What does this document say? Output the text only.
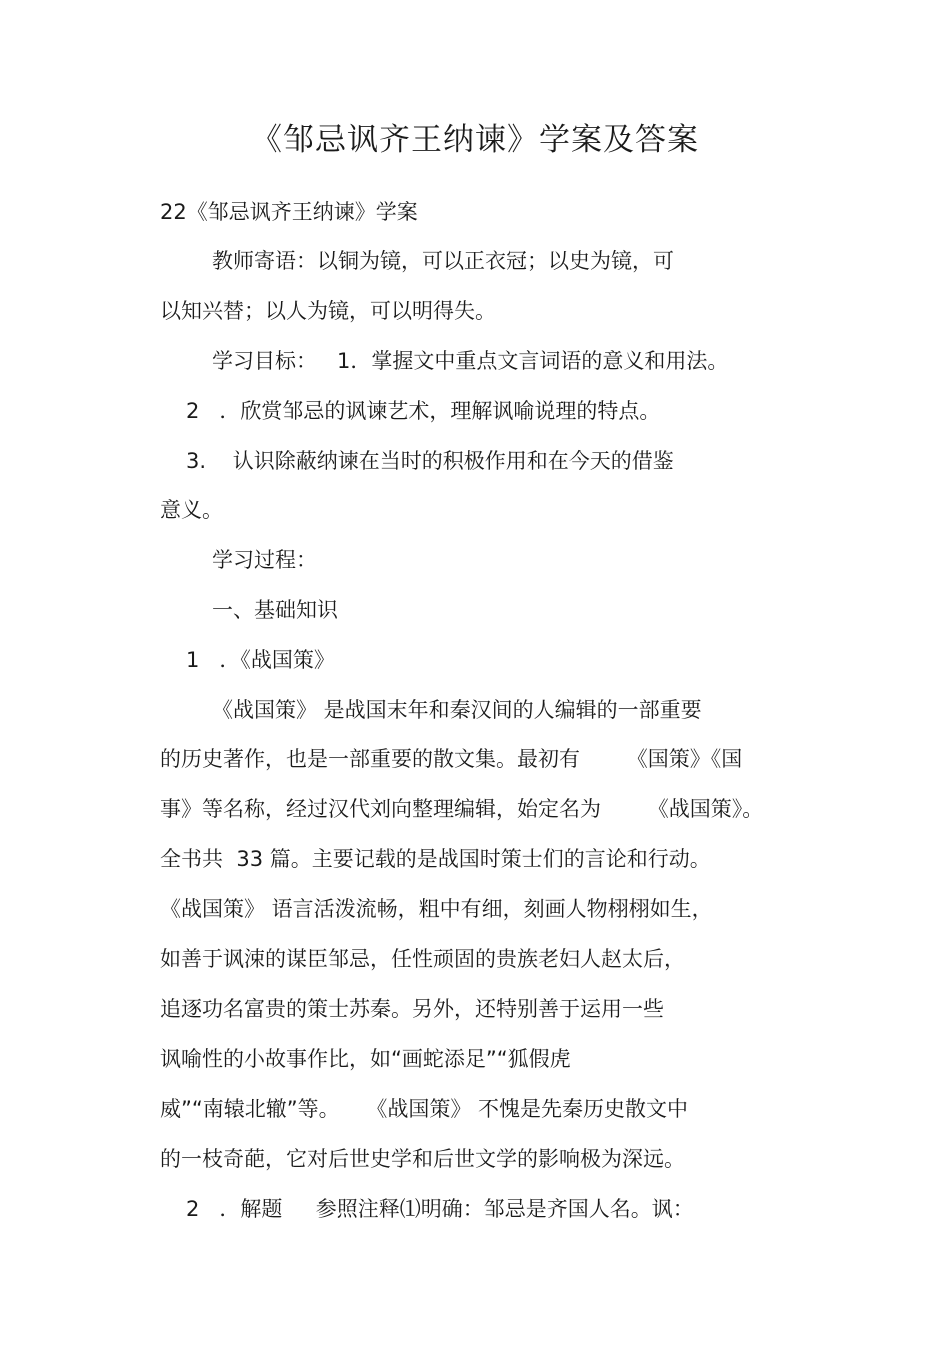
《邹忌讽齐王纳谏》学案及答案
22《邹忌讽齐王纳谏》学案
教师寄语：以铜为镜，可以正衣冠；以史为镜，可
以知兴替；以人为镜，可以明得失。
学习目标：   1．掌握文中重点文言词语的意义和用法。
2   ．欣赏邹忌的讽谏艺术，理解讽喻说理的特点。
3.    认识除蔽纳谏在当时的积极作用和在今天的借鉴
意义。
学习过程：
一、基础知识
1   ．《战国策》
《战国策》 是战国末年和秦汉间的人编辑的一部重要
的历史著作，也是一部重要的散文集。最初有       《国策》《国
事》等名称，经过汉代刘向整理编辑，始定名为       《战国策》。
全书共  33 篇。主要记载的是战国时策士们的言论和行动。
《战国策》 语言活泼流畅，粗中有细，刻画人物栩栩如生，
如善于讽涑的谋臣邹忌，任性顽固的贵族老妇人赵太后，
追逐功名富贵的策士苏秦。另外，还特别善于运用一些
讽喻性的小故事作比，如“画蛇添足”“狐假虎
威”“南辕北辙”等。    《战国策》 不愧是先秦历史散文中
的一枝奇葩，它对后世史学和后世文学的影响极为深远。
2   ．解题     参照注释⑴明确：邹忌是齐国人名。讽：
